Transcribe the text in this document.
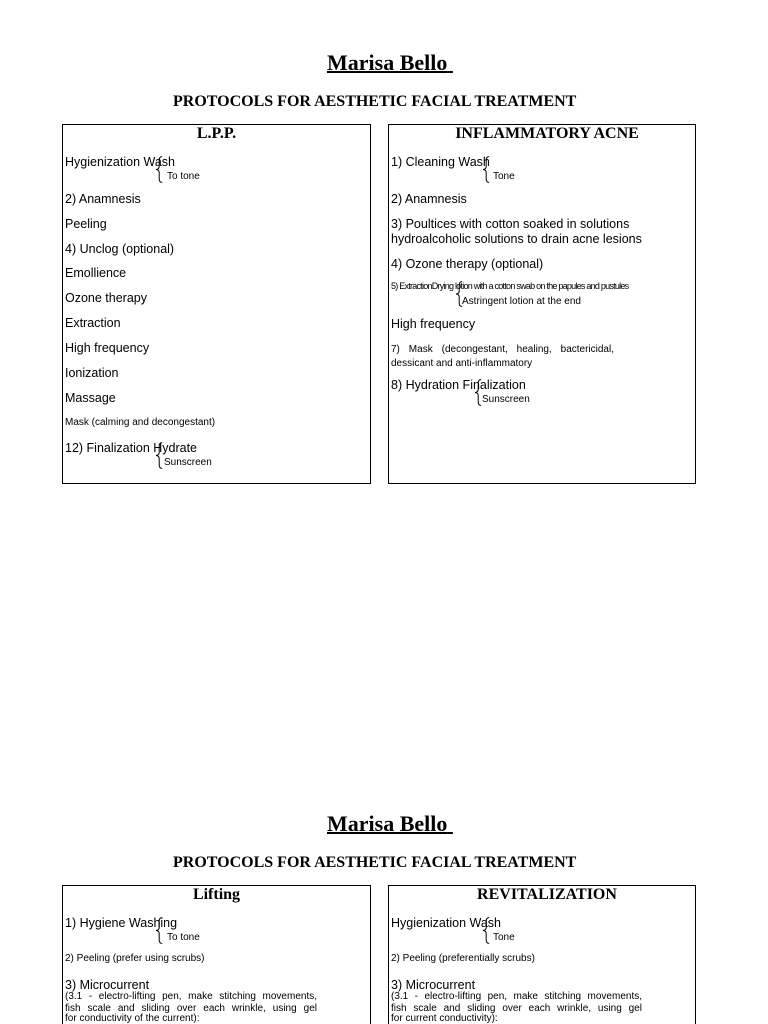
Marisa Bello
PROTOCOLS FOR AESTHETIC FACIAL TREATMENT
L.P.P.
Hygienization Wash
To tone
2) Anamnesis
Peeling
4) Unclog (optional)
Emollience
Ozone therapy
Extraction
High frequency
Ionization
Massage
Mask (calming and decongestant)
12) Finalization Hydrate
Sunscreen
INFLAMMATORY ACNE
1) Cleaning Wash
Tone
2) Anamnesis
3) Poultices with cotton soaked in solutions
hydroalcoholic solutions to drain acne lesions
4) Ozone therapy (optional)
5) ExtractionDrying lotion with a cotton swab on the papules and pustules
Astringent lotion at the end
High frequency
7) Mask (decongestant, healing, bactericidal,
dessicant and anti-inflammatory
8) Hydration Finalization
Sunscreen
Marisa Bello
PROTOCOLS FOR AESTHETIC FACIAL TREATMENT
Lifting
1) Hygiene Washing
To tone
2) Peeling (prefer using scrubs)
3) Microcurrent
(3.1 - electro-lifting pen, make stitching movements,
fish scale and sliding over each wrinkle, using gel
for conductivity of the current):
REVITALIZATION
Hygienization Wash
Tone
2) Peeling (preferentially scrubs)
3) Microcurrent
(3.1 - electro-lifting pen, make stitching movements,
fish scale and sliding over each wrinkle, using gel
for current conductivity):
